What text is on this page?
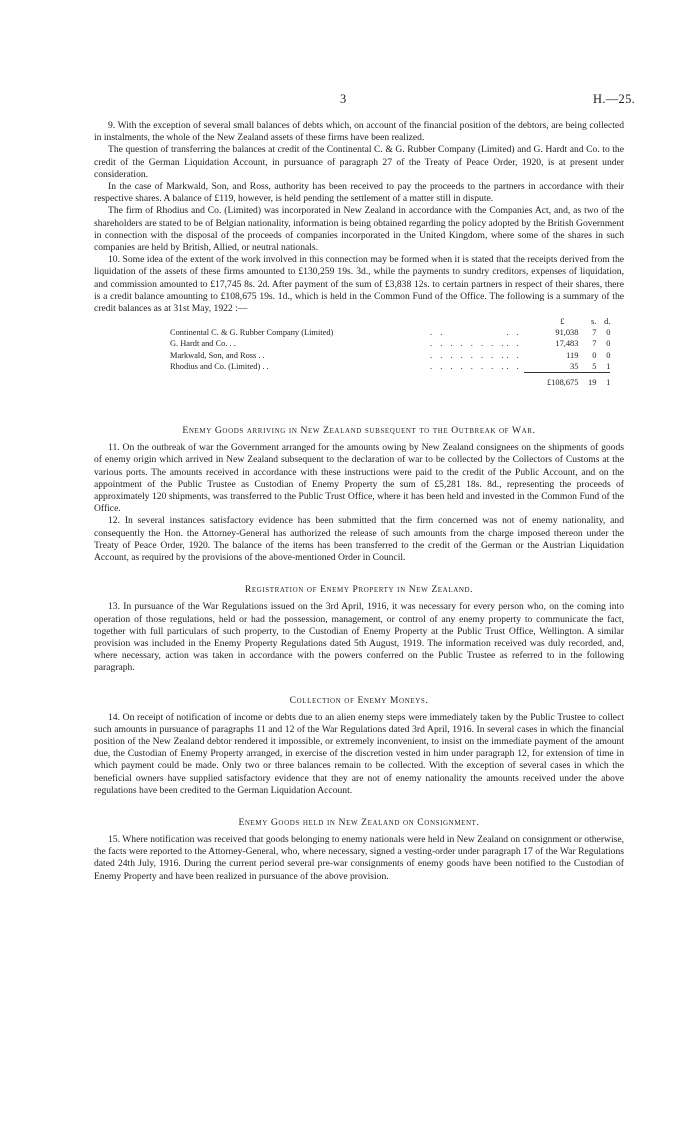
3	H.—25.

9. With the exception of several small balances of debts which, on account of the financial position of the debtors, are being collected in instalments, the whole of the New Zealand assets of these firms have been realized.

The question of transferring the balances at credit of the Continental C. & G. Rubber Company (Limited) and G. Hardt and Co. to the credit of the German Liquidation Account, in pursuance of paragraph 27 of the Treaty of Peace Order, 1920, is at present under consideration.

In the case of Markwald, Son, and Ross, authority has been received to pay the proceeds to the partners in accordance with their respective shares. A balance of £119, however, is held pending the settlement of a matter still in dispute.

The firm of Rhodius and Co. (Limited) was incorporated in New Zealand in accordance with the Companies Act, and, as two of the shareholders are stated to be of Belgian nationality, information is being obtained regarding the policy adopted by the British Government in connection with the disposal of the proceeds of companies incorporated in the United Kingdom, where some of the shares in such companies are held by British, Allied, or neutral nationals.

10. Some idea of the extent of the work involved in this connection may be formed when it is stated that the receipts derived from the liquidation of the assets of these firms amounted to £130,259 19s. 3d., while the payments to sundry creditors, expenses of liquidation, and commission amounted to £17,745 8s. 2d. After payment of the sum of £3,838 12s. to certain partners in respect of their shares, there is a credit balance amounting to £108,675 19s. 1d., which is held in the Common Fund of the Office. The following is a summary of the credit balances as at 31st May, 1922 :—

			£	s.	d.
Continental C. & G. Rubber Company (Limited)	. .	. .	91,038	7	0
G. Hardt and Co. . .	. . . . . . . .	. .	17,483	7	0
Markwald, Son, and Ross . .	. . . . . . . .	. .	119	0	0
Rhodius and Co. (Limited) . .	. . . . . . . .	. .	35	5	1
			£108,675	19	1
Enemy Goods arriving in New Zealand subsequent to the Outbreak of War.

11. On the outbreak of war the Government arranged for the amounts owing by New Zealand consignees on the shipments of goods of enemy origin which arrived in New Zealand subsequent to the declaration of war to be collected by the Collectors of Customs at the various ports. The amounts received in accordance with these instructions were paid to the credit of the Public Account, and on the appointment of the Public Trustee as Custodian of Enemy Property the sum of £5,281 18s. 8d., representing the proceeds of approximately 120 shipments, was transferred to the Public Trust Office, where it has been held and invested in the Common Fund of the Office.

12. In several instances satisfactory evidence has been submitted that the firm concerned was not of enemy nationality, and consequently the Hon. the Attorney-General has authorized the release of such amounts from the charge imposed thereon under the Treaty of Peace Order, 1920. The balance of the items has been transferred to the credit of the German or the Austrian Liquidation Account, as required by the provisions of the above-mentioned Order in Council.

Registration of Enemy Property in New Zealand.

13. In pursuance of the War Regulations issued on the 3rd April, 1916, it was necessary for every person who, on the coming into operation of those regulations, held or had the possession, management, or control of any enemy property to communicate the fact, together with full particulars of such property, to the Custodian of Enemy Property at the Public Trust Office, Wellington. A similar provision was included in the Enemy Property Regulations dated 5th August, 1919. The information received was duly recorded, and, where necessary, action was taken in accordance with the powers conferred on the Public Trustee as referred to in the following paragraph.

Collection of Enemy Moneys.

14. On receipt of notification of income or debts due to an alien enemy steps were immediately taken by the Public Trustee to collect such amounts in pursuance of paragraphs 11 and 12 of the War Regulations dated 3rd April, 1916. In several cases in which the financial position of the New Zealand debtor rendered it impossible, or extremely inconvenient, to insist on the immediate payment of the amount due, the Custodian of Enemy Property arranged, in exercise of the discretion vested in him under paragraph 12, for extension of time in which payment could be made. Only two or three balances remain to be collected. With the exception of several cases in which the beneficial owners have supplied satisfactory evidence that they are not of enemy nationality the amounts received under the above regulations have been credited to the German Liquidation Account.

Enemy Goods held in New Zealand on Consignment.

15. Where notification was received that goods belonging to enemy nationals were held in New Zealand on consignment or otherwise, the facts were reported to the Attorney-General, who, where necessary, signed a vesting-order under paragraph 17 of the War Regulations dated 24th July, 1916. During the current period several pre-war consignments of enemy goods have been notified to the Custodian of Enemy Property and have been realized in pursuance of the above provision.
